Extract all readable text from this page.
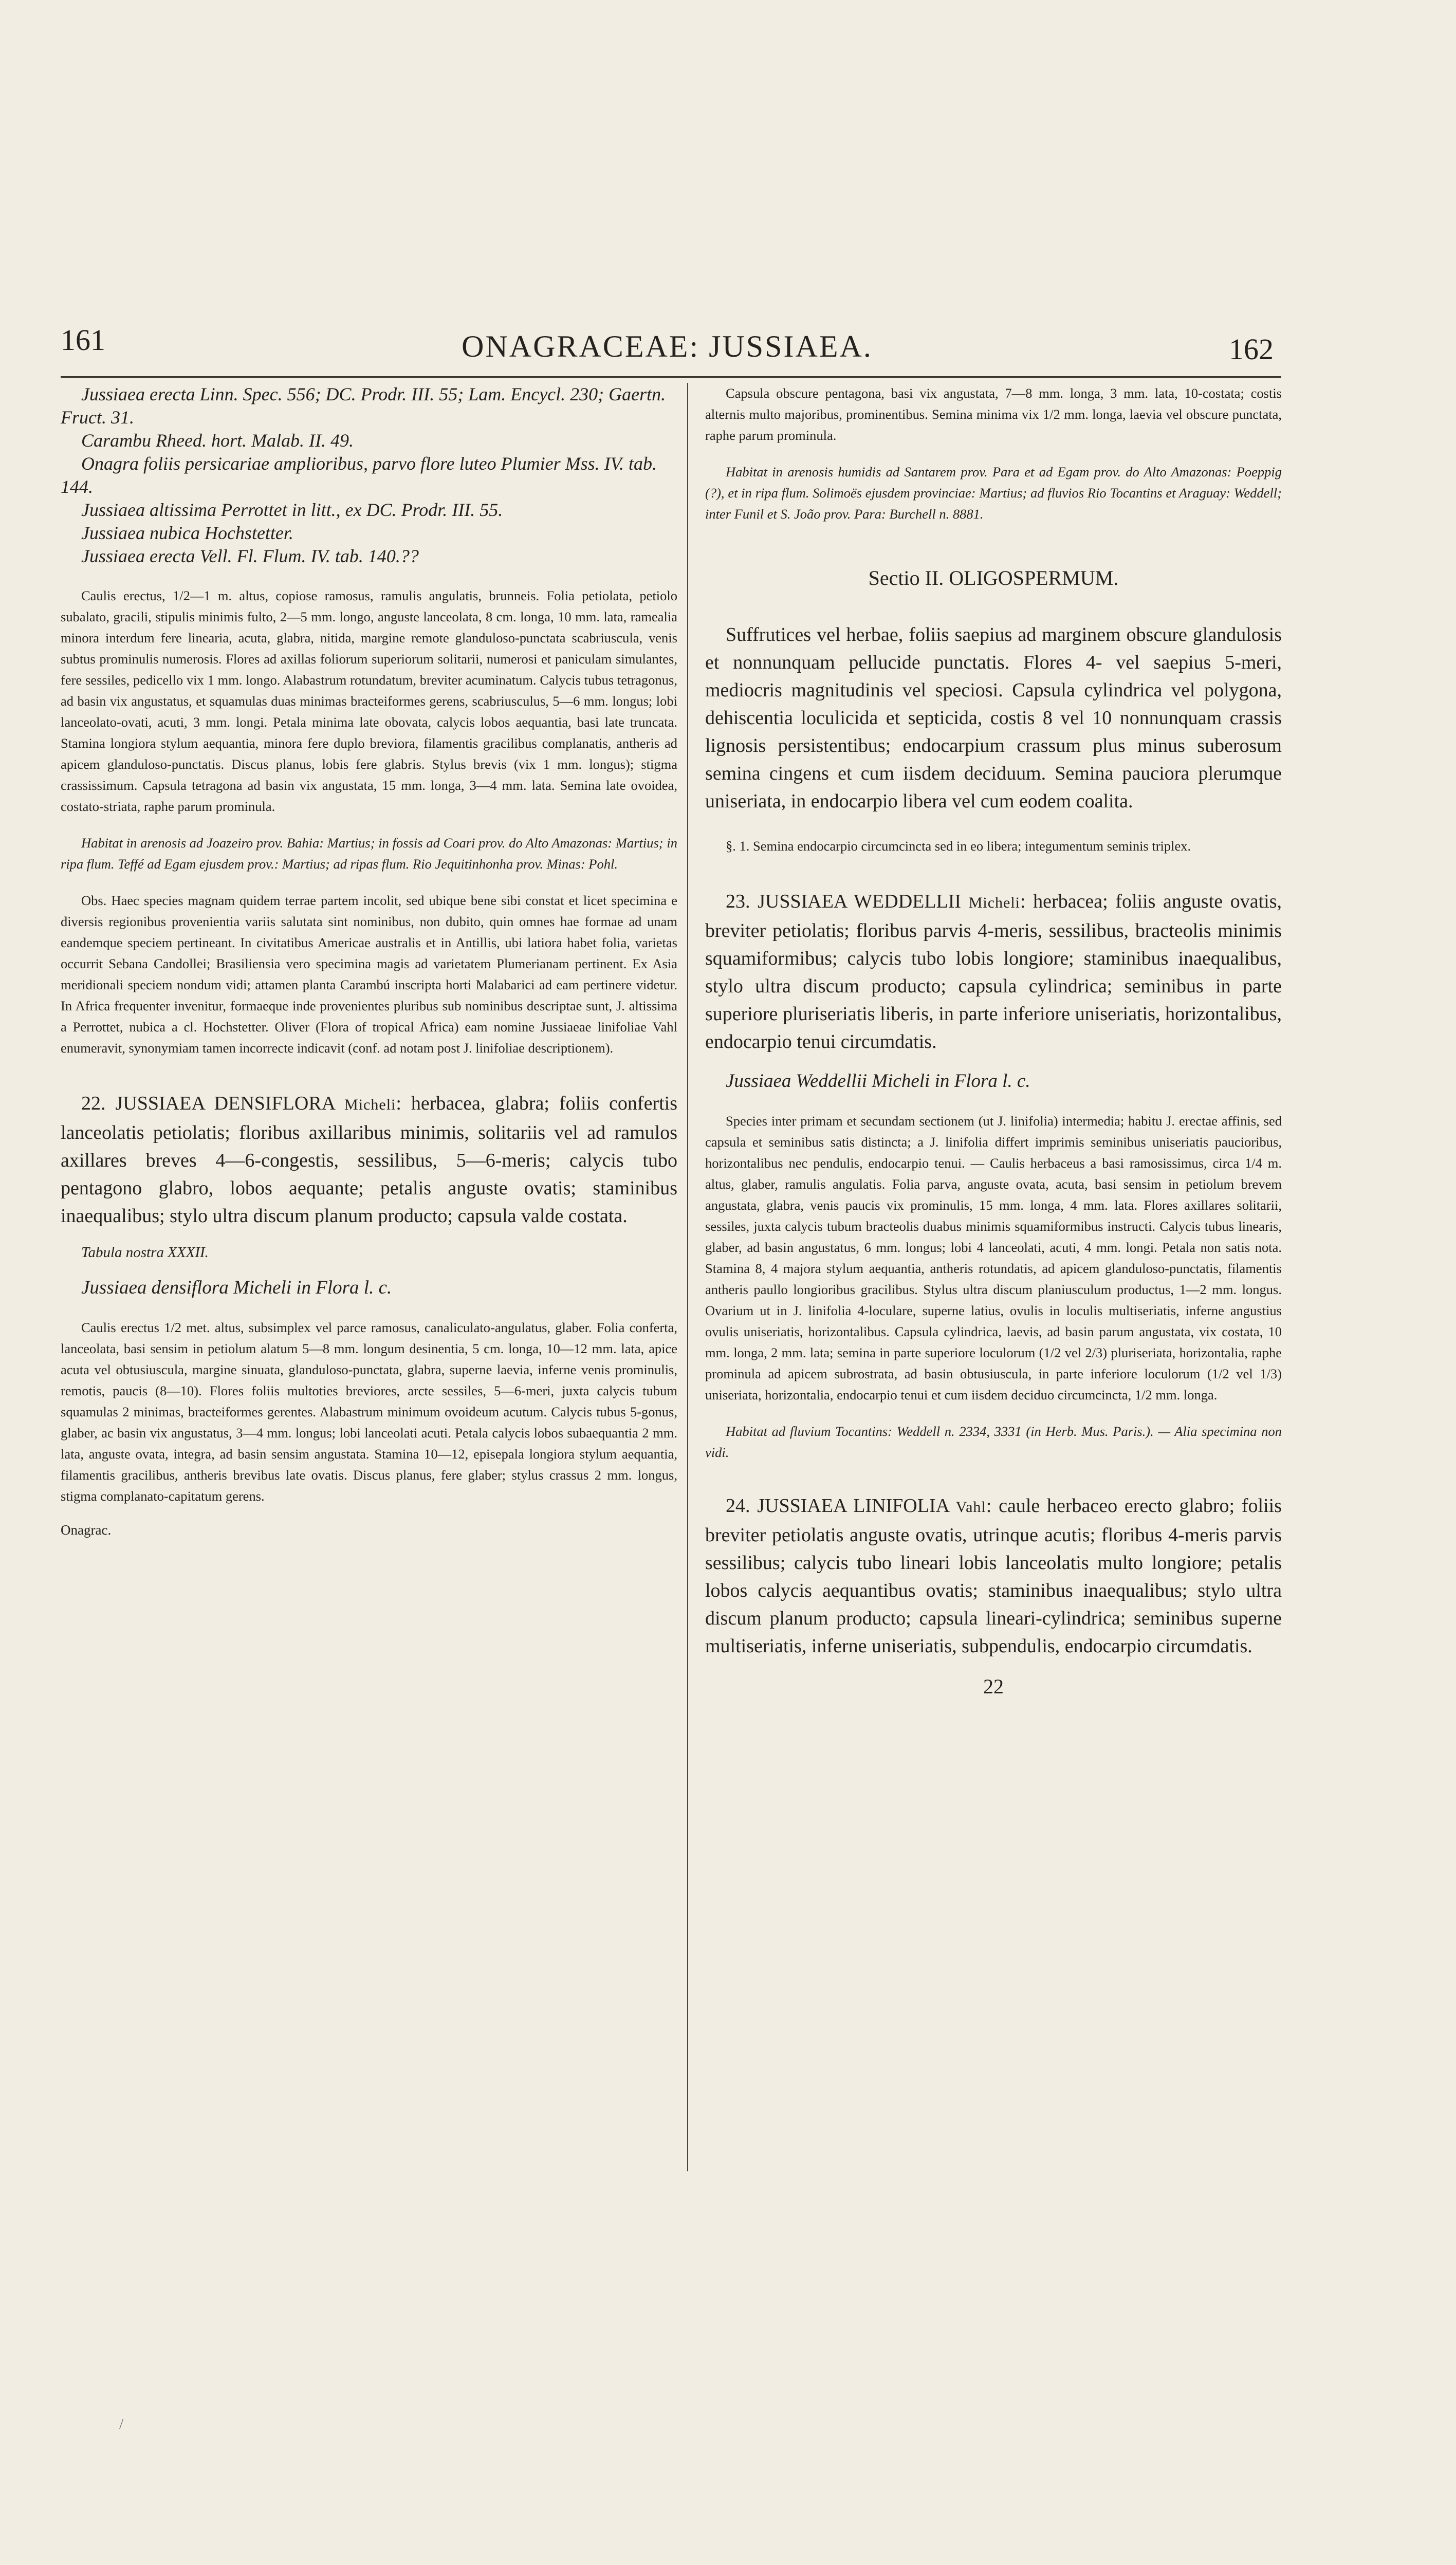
161	ONAGRACEAE: JUSSIAEA.	162

Jussiaea erecta Linn. Spec. 556; DC. Prodr. III. 55; Lam. Encycl. 230; Gaertn. Fruct. 31.

Carambu Rheed. hort. Malab. II. 49.

Onagra foliis persicariae amplioribus, parvo flore luteo Plumier Mss. IV. tab. 144.

Jussiaea altissima Perrottet in litt., ex DC. Prodr. III. 55.

Jussiaea nubica Hochstetter.

Jussiaea erecta Vell. Fl. Flum. IV. tab. 140.??

Caulis erectus, 1/2—1 m. altus, copiose ramosus, ramulis angulatis, brunneis. Folia petiolata, petiolo subalato, gracili, stipulis minimis fulto, 2—5 mm. longo, anguste lanceolata, 8 cm. longa, 10 mm. lata, ramealia minora interdum fere linearia, acuta, glabra, nitida, margine remote glanduloso-punctata scabriuscula, venis subtus prominulis numerosis. Flores ad axillas foliorum superiorum solitarii, numerosi et paniculam simulantes, fere sessiles, pedicello vix 1 mm. longo. Alabastrum rotundatum, breviter acuminatum. Calycis tubus tetragonus, ad basin vix angustatus, et squamulas duas minimas bracteiformes gerens, scabriusculus, 5—6 mm. longus; lobi lanceolato-ovati, acuti, 3 mm. longi. Petala minima late obovata, calycis lobos aequantia, basi late truncata. Stamina longiora stylum aequantia, minora fere duplo breviora, filamentis gracilibus complanatis, antheris ad apicem glanduloso-punctatis. Discus planus, lobis fere glabris. Stylus brevis (vix 1 mm. longus); stigma crassissimum. Capsula tetragona ad basin vix angustata, 15 mm. longa, 3—4 mm. lata. Semina late ovoidea, costato-striata, raphe parum prominula.

Habitat in arenosis ad Joazeiro prov. Bahia: Martius; in fossis ad Coari prov. do Alto Amazonas: Martius; in ripa flum. Teffé ad Egam ejusdem prov.: Martius; ad ripas flum. Rio Jequitinhonha prov. Minas: Pohl.

Obs. Haec species magnam quidem terrae partem incolit, sed ubique bene sibi constat et licet specimina e diversis regionibus provenientia variis salutata sint nominibus, non dubito, quin omnes hae formae ad unam eandemque speciem pertineant. In civitatibus Americae australis et in Antillis, ubi latiora habet folia, varietas occurrit Sebana Candollei; Brasiliensia vero specimina magis ad varietatem Plumerianam pertinent. Ex Asia meridionali speciem nondum vidi; attamen planta Carambú inscripta horti Malabarici ad eam pertinere videtur. In Africa frequenter invenitur, formaeque inde provenientes pluribus sub nominibus descriptae sunt, J. altissima a Perrottet, nubica a cl. Hochstetter. Oliver (Flora of tropical Africa) eam nomine Jussiaeae linifoliae Vahl enumeravit, synonymiam tamen incorrecte indicavit (conf. ad notam post J. linifoliae descriptionem).

22. JUSSIAEA DENSIFLORA Micheli: herbacea, glabra; foliis confertis lanceolatis petiolatis; floribus axillaribus minimis, solitariis vel ad ramulos axillares breves 4—6-congestis, sessilibus, 5—6-meris; calycis tubo pentagono glabro, lobos aequante; petalis anguste ovatis; staminibus inaequalibus; stylo ultra discum planum producto; capsula valde costata.

Tabula nostra XXXII.

Jussiaea densiflora Micheli in Flora l. c.

Caulis erectus 1/2 met. altus, subsimplex vel parce ramosus, canaliculato-angulatus, glaber. Folia conferta, lanceolata, basi sensim in petiolum alatum 5—8 mm. longum desinentia, 5 cm. longa, 10—12 mm. lata, apice acuta vel obtusiuscula, margine sinuata, glanduloso-punctata, glabra, superne laevia, inferne venis prominulis, remotis, paucis (8—10). Flores foliis multoties breviores, arcte sessiles, 5—6-meri, juxta calycis tubum squamulas 2 minimas, bracteiformes gerentes. Alabastrum minimum ovoideum acutum. Calycis tubus 5-gonus, glaber, ac basin vix angustatus, 3—4 mm. longus; lobi lanceolati acuti. Petala calycis lobos subaequantia 2 mm. lata, anguste ovata, integra, ad basin sensim angustata. Stamina 10—12, episepala longiora stylum aequantia, filamentis gracilibus, antheris brevibus late ovatis. Discus planus, fere glaber; stylus crassus 2 mm. longus, stigma complanato-capitatum gerens.

Onagrac.

Capsula obscure pentagona, basi vix angustata, 7—8 mm. longa, 3 mm. lata, 10-costata; costis alternis multo majoribus, prominentibus. Semina minima vix 1/2 mm. longa, laevia vel obscure punctata, raphe parum prominula.

Habitat in arenosis humidis ad Santarem prov. Para et ad Egam prov. do Alto Amazonas: Poeppig (?), et in ripa flum. Solimoës ejusdem provinciae: Martius; ad fluvios Rio Tocantins et Araguay: Weddell; inter Funil et S. João prov. Para: Burchell n. 8881.

Sectio II. OLIGOSPERMUM.

Suffrutices vel herbae, foliis saepius ad marginem obscure glandulosis et nonnunquam pellucide punctatis. Flores 4- vel saepius 5-meri, mediocris magnitudinis vel speciosi. Capsula cylindrica vel polygona, dehiscentia loculicida et septicida, costis 8 vel 10 nonnunquam crassis lignosis persistentibus; endocarpium crassum plus minus suberosum semina cingens et cum iisdem deciduum. Semina pauciora plerumque uniseriata, in endocarpio libera vel cum eodem coalita.

§. 1. Semina endocarpio circumcincta sed in eo libera; integumentum seminis triplex.

23. JUSSIAEA WEDDELLII Micheli: herbacea; foliis anguste ovatis, breviter petiolatis; floribus parvis 4-meris, sessilibus, bracteolis minimis squamiformibus; calycis tubo lobis longiore; staminibus inaequalibus, stylo ultra discum producto; capsula cylindrica; seminibus in parte superiore pluriseriatis liberis, in parte inferiore uniseriatis, horizontalibus, endocarpio tenui circumdatis.

Jussiaea Weddellii Micheli in Flora l. c.

Species inter primam et secundam sectionem (ut J. linifolia) intermedia; habitu J. erectae affinis, sed capsula et seminibus satis distincta; a J. linifolia differt imprimis seminibus uniseriatis paucioribus, horizontalibus nec pendulis, endocarpio tenui. — Caulis herbaceus a basi ramosissimus, circa 1/4 m. altus, glaber, ramulis angulatis. Folia parva, anguste ovata, acuta, basi sensim in petiolum brevem angustata, glabra, venis paucis vix prominulis, 15 mm. longa, 4 mm. lata. Flores axillares solitarii, sessiles, juxta calycis tubum bracteolis duabus minimis squamiformibus instructi. Calycis tubus linearis, glaber, ad basin angustatus, 6 mm. longus; lobi 4 lanceolati, acuti, 4 mm. longi. Petala non satis nota. Stamina 8, 4 majora stylum aequantia, antheris rotundatis, ad apicem glanduloso-punctatis, filamentis antheris paullo longioribus gracilibus. Stylus ultra discum planiusculum productus, 1—2 mm. longus. Ovarium ut in J. linifolia 4-loculare, superne latius, ovulis in loculis multiseriatis, inferne angustius ovulis uniseriatis, horizontalibus. Capsula cylindrica, laevis, ad basin parum angustata, vix costata, 10 mm. longa, 2 mm. lata; semina in parte superiore loculorum (1/2 vel 2/3) pluriseriata, horizontalia, raphe prominula ad apicem subrostrata, ad basin obtusiuscula, in parte inferiore loculorum (1/2 vel 1/3) uniseriata, horizontalia, endocarpio tenui et cum iisdem deciduo circumcincta, 1/2 mm. longa.

Habitat ad fluvium Tocantins: Weddell n. 2334, 3331 (in Herb. Mus. Paris.). — Alia specimina non vidi.

24. JUSSIAEA LINIFOLIA Vahl: caule herbaceo erecto glabro; foliis breviter petiolatis anguste ovatis, utrinque acutis; floribus 4-meris parvis sessilibus; calycis tubo lineari lobis lanceolatis multo longiore; petalis lobos calycis aequantibus ovatis; staminibus inaequalibus; stylo ultra discum planum producto; capsula lineari-cylindrica; seminibus superne multiseriatis, inferne uniseriatis, subpendulis, endocarpio circumdatis.

22
/
